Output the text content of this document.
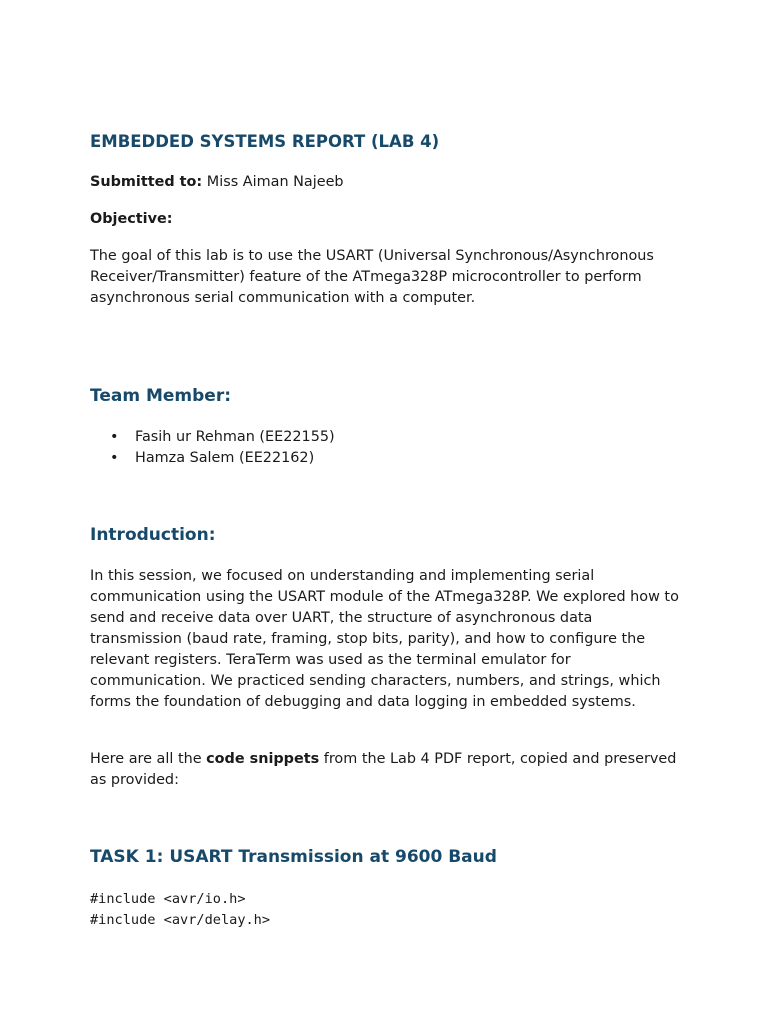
EMBEDDED SYSTEMS REPORT (LAB 4)

Submitted to: Miss Aiman Najeeb

Objective:

The goal of this lab is to use the USART (Universal Synchronous/Asynchronous Receiver/Transmitter) feature of the ATmega328P microcontroller to perform asynchronous serial communication with a computer.

Team Member:
• Fasih ur Rehman (EE22155)
• Hamza Salem (EE22162)
Introduction:

In this session, we focused on understanding and implementing serial communication using the USART module of the ATmega328P. We explored how to send and receive data over UART, the structure of asynchronous data transmission (baud rate, framing, stop bits, parity), and how to configure the relevant registers. TeraTerm was used as the terminal emulator for communication. We practiced sending characters, numbers, and strings, which forms the foundation of debugging and data logging in embedded systems.

Here are all the code snippets from the Lab 4 PDF report, copied and preserved as provided:

TASK 1: USART Transmission at 9600 Baud
#include <avr/io.h>
#include <avr/delay.h>
